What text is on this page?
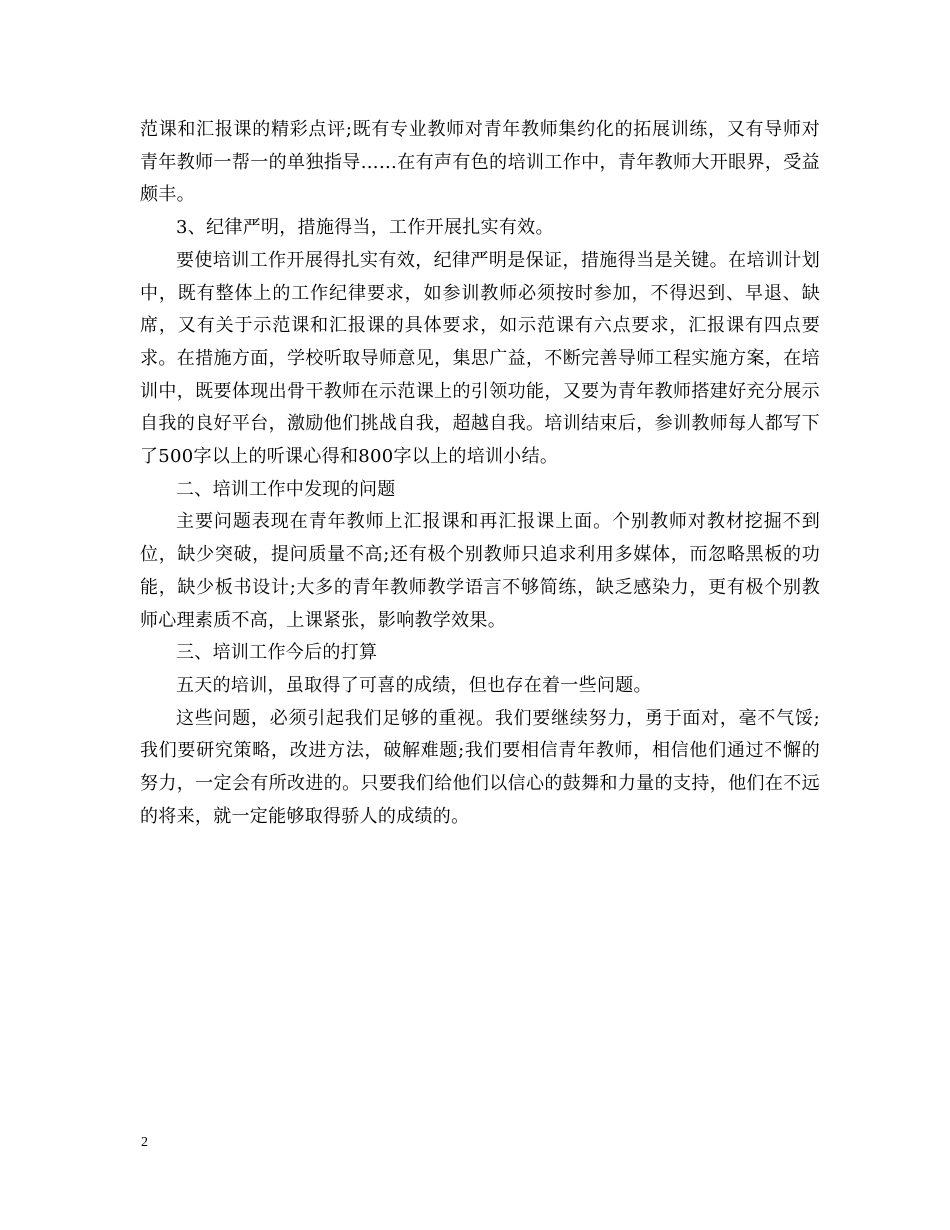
范课和汇报课的精彩点评;既有专业教师对青年教师集约化的拓展训练，又有导师对青年教师一帮一的单独指导……在有声有色的培训工作中，青年教师大开眼界，受益颇丰。

3、纪律严明，措施得当，工作开展扎实有效。

要使培训工作开展得扎实有效，纪律严明是保证，措施得当是关键。在培训计划中，既有整体上的工作纪律要求，如参训教师必须按时参加，不得迟到、早退、缺席，又有关于示范课和汇报课的具体要求，如示范课有六点要求，汇报课有四点要求。在措施方面，学校听取导师意见，集思广益，不断完善导师工程实施方案，在培训中，既要体现出骨干教师在示范课上的引领功能，又要为青年教师搭建好充分展示自我的良好平台，激励他们挑战自我，超越自我。培训结束后，参训教师每人都写下了500字以上的听课心得和800字以上的培训小结。

二、培训工作中发现的问题

主要问题表现在青年教师上汇报课和再汇报课上面。个别教师对教材挖掘不到位，缺少突破，提问质量不高;还有极个别教师只追求利用多媒体，而忽略黑板的功能，缺少板书设计;大多的青年教师教学语言不够简练，缺乏感染力，更有极个别教师心理素质不高，上课紧张，影响教学效果。

三、培训工作今后的打算

五天的培训，虽取得了可喜的成绩，但也存在着一些问题。

这些问题，必须引起我们足够的重视。我们要继续努力，勇于面对，毫不气馁;我们要研究策略，改进方法，破解难题;我们要相信青年教师，相信他们通过不懈的努力，一定会有所改进的。只要我们给他们以信心的鼓舞和力量的支持，他们在不远的将来，就一定能够取得骄人的成绩的。

2
